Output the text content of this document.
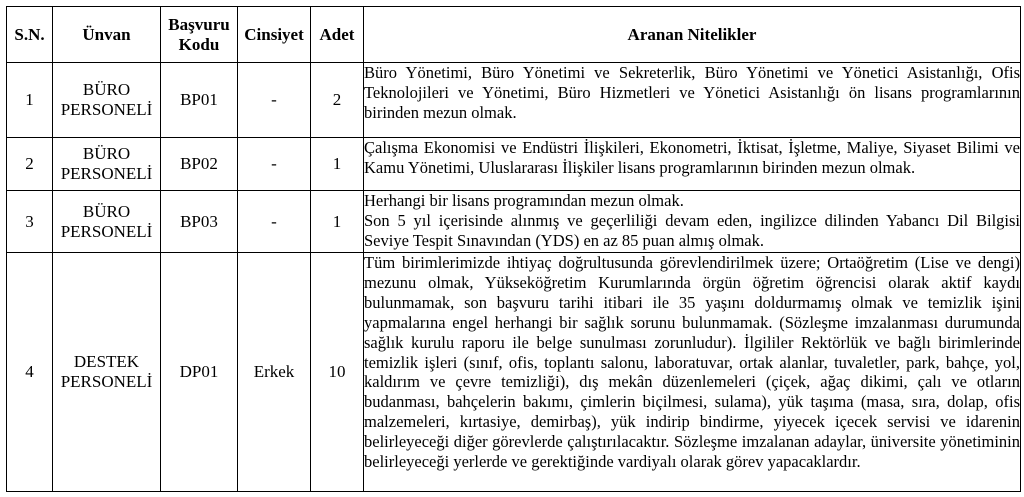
S.N.	Ünvan	Başvuru Kodu	Cinsiyet	Adet	Aranan Nitelikler
1	BÜRO PERSONELİ	BP01	-	2	Büro Yönetimi, Büro Yönetimi ve Sekreterlik, Büro Yönetimi ve Yönetici Asistanlığı, Ofis Teknolojileri ve Yönetimi, Büro Hizmetleri ve Yönetici Asistanlığı ön lisans programlarının birinden mezun olmak.

2	BÜRO PERSONELİ	BP02	-	1	Çalışma Ekonomisi ve Endüstri İlişkileri, Ekonometri, İktisat, İşletme, Maliye, Siyaset Bilimi ve Kamu Yönetimi, Uluslararası İlişkiler lisans programlarının birinden mezun olmak.

3	BÜRO PERSONELİ	BP03	-	1	Herhangi bir lisans programından mezun olmak.
Son 5 yıl içerisinde alınmış ve geçerliliği devam eden, ingilizce dilinden Yabancı Dil Bilgisi Seviye Tespit Sınavından (YDS) en az 85 puan almış olmak.

4	DESTEK PERSONELİ	DP01	Erkek	10	Tüm birimlerimizde ihtiyaç doğrultusunda görevlendirilmek üzere; Ortaöğretim (Lise ve dengi) mezunu olmak, Yükseköğretim Kurumlarında örgün öğretim öğrencisi olarak aktif kaydı bulunmamak, son başvuru tarihi itibari ile 35 yaşını doldurmamış olmak ve temizlik işini yapmalarına engel herhangi bir sağlık sorunu bulunmamak. (Sözleşme imzalanması durumunda sağlık kurulu raporu ile belge sunulması zorunludur). İlgililer Rektörlük ve bağlı birimlerinde temizlik işleri (sınıf, ofis, toplantı salonu, laboratuvar, ortak alanlar, tuvaletler, park, bahçe, yol, kaldırım ve çevre temizliği), dış mekân düzenlemeleri (çiçek, ağaç dikimi, çalı ve otların budanması, bahçelerin bakımı, çimlerin biçilmesi, sulama), yük taşıma (masa, sıra, dolap, ofis malzemeleri, kırtasiye, demirbaş), yük indirip bindirme, yiyecek içecek servisi ve idarenin belirleyeceği diğer görevlerde çalıştırılacaktır. Sözleşme imzalanan adaylar, üniversite yönetiminin belirleyeceği yerlerde ve gerektiğinde vardiyalı olarak görev yapacaklardır.
